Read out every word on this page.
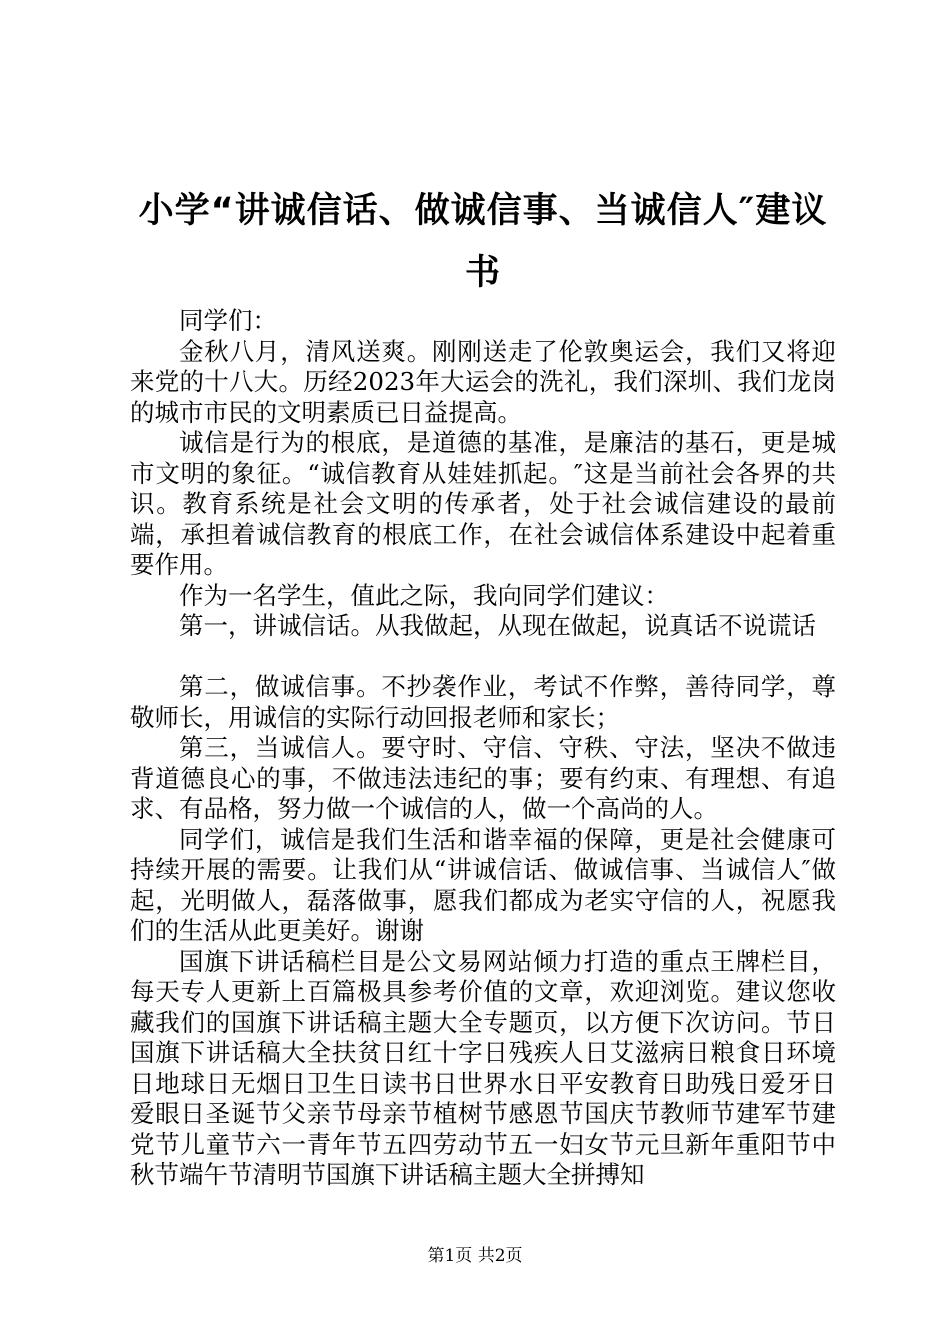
小学“讲诚信话、做诚信事、当诚信人″建议书

同学们：

金秋八月，清风送爽。刚刚送走了伦敦奥运会，我们又将迎来党的十八大。历经2023年大运会的洗礼，我们深圳、我们龙岗的城市市民的文明素质已日益提高。

诚信是行为的根底，是道德的基准，是廉洁的基石，更是城市文明的象征。“诚信教育从娃娃抓起。″这是当前社会各界的共识。教育系统是社会文明的传承者，处于社会诚信建设的最前端，承担着诚信教育的根底工作，在社会诚信体系建设中起着重要作用。

作为一名学生，值此之际，我向同学们建议：

第一，讲诚信话。从我做起，从现在做起，说真话不说谎话

第二，做诚信事。不抄袭作业，考试不作弊，善待同学，尊敬师长，用诚信的实际行动回报老师和家长；

第三，当诚信人。要守时、守信、守秩、守法，坚决不做违背道德良心的事，不做违法违纪的事；要有约束、有理想、有追求、有品格，努力做一个诚信的人，做一个高尚的人。

同学们，诚信是我们生活和谐幸福的保障，更是社会健康可持续开展的需要。让我们从“讲诚信话、做诚信事、当诚信人″做起，光明做人，磊落做事，愿我们都成为老实守信的人，祝愿我们的生活从此更美好。谢谢

国旗下讲话稿栏目是公文易网站倾力打造的重点王牌栏目，每天专人更新上百篇极具参考价值的文章，欢迎浏览。建议您收藏我们的国旗下讲话稿主题大全专题页，以方便下次访问。节日国旗下讲话稿大全扶贫日红十字日残疾人日艾滋病日粮食日环境日地球日无烟日卫生日读书日世界水日平安教育日助残日爱牙日爱眼日圣诞节父亲节母亲节植树节感恩节国庆节教师节建军节建党节儿童节六一青年节五四劳动节五一妇女节元旦新年重阳节中秋节端午节清明节国旗下讲话稿主题大全拼搏知

第1页 共2页
